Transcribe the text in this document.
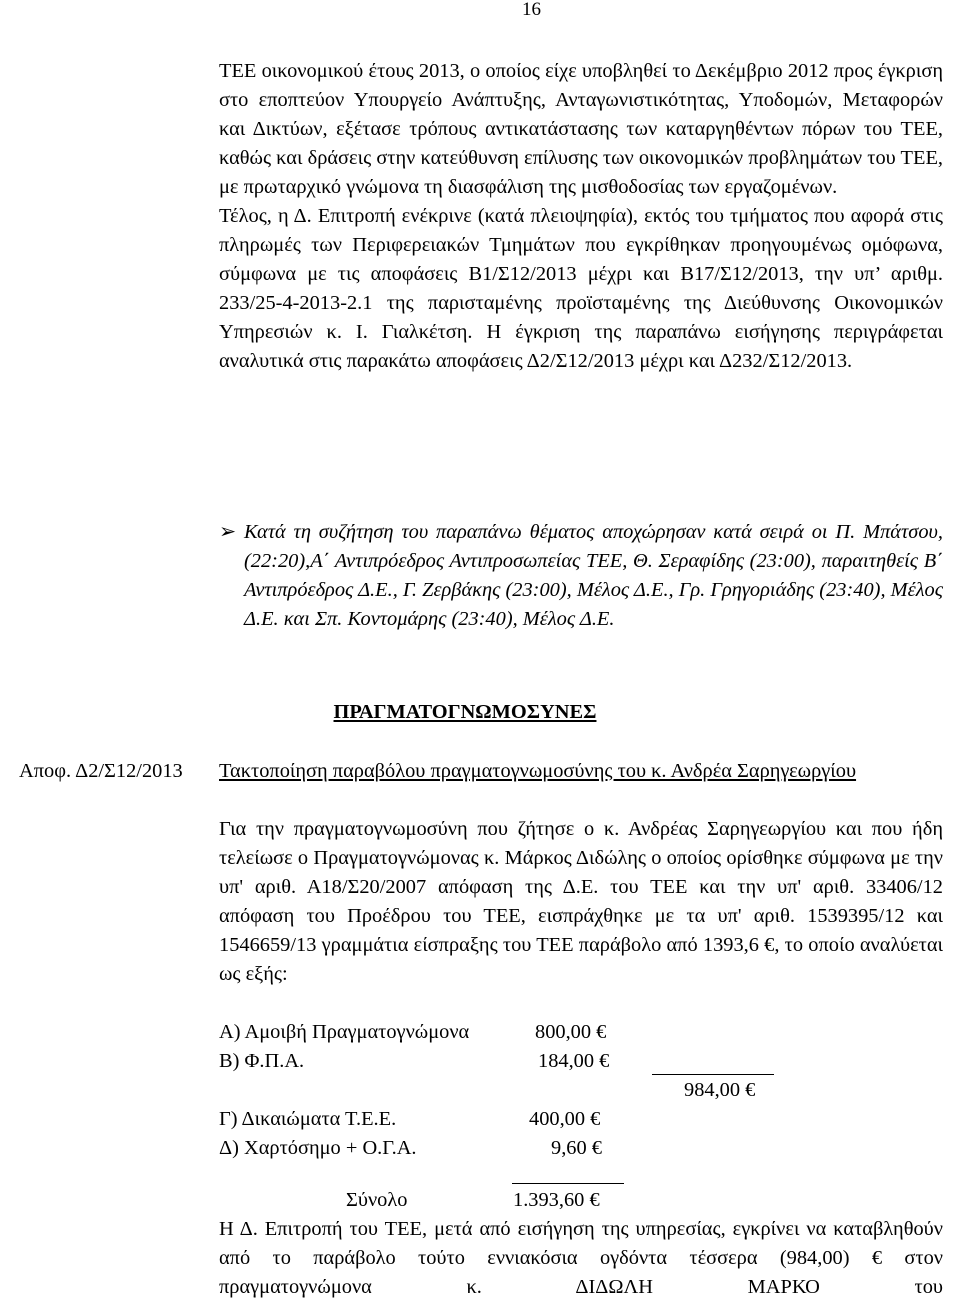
16

ΤΕΕ οικονομικού έτους 2013, ο οποίος είχε υποβληθεί το Δεκέμβριο 2012 προς έγκριση στο εποπτεύον Υπουργείο Ανάπτυξης, Ανταγωνιστικότητας, Υποδομών, Μεταφορών και Δικτύων, εξέτασε τρόπους αντικατάστασης των καταργηθέντων πόρων του ΤΕΕ, καθώς και δράσεις στην κατεύθυνση επίλυσης των οικονομικών προβλημάτων του ΤΕΕ, με πρωταρχικό γνώμονα τη διασφάλιση της μισθοδοσίας των εργαζομένων.

Τέλος, η Δ. Επιτροπή ενέκρινε (κατά πλειοψηφία), εκτός του τμήματος που αφορά στις πληρωμές των Περιφερειακών Τμημάτων που εγκρίθηκαν προηγουμένως ομόφωνα, σύμφωνα με τις αποφάσεις Β1/Σ12/2013 μέχρι και Β17/Σ12/2013, την υπ’ αριθμ. 233/25-4-2013-2.1 της παρισταμένης προϊσταμένης της Διεύθυνσης Οικονομικών Υπηρεσιών κ. Ι. Γιαλκέτση. Η έγκριση της παραπάνω εισήγησης περιγράφεται αναλυτικά στις παρακάτω αποφάσεις Δ2/Σ12/2013 μέχρι και Δ232/Σ12/2013.

➢ Κατά τη συζήτηση του παραπάνω θέματος αποχώρησαν κατά σειρά οι Π. Μπάτσου, (22:20),Α΄ Αντιπρόεδρος Αντιπροσωπείας ΤΕΕ, Θ. Σεραφίδης (23:00), παραιτηθείς Β΄ Αντιπρόεδρος Δ.Ε., Γ. Ζερβάκης (23:00), Μέλος Δ.Ε., Γρ. Γρηγοριάδης (23:40), Μέλος Δ.Ε. και Σπ. Κοντομάρης (23:40), Μέλος Δ.Ε.
ΠΡΑΓΜΑΤΟΓΝΩΜΟΣΥΝΕΣ
Αποφ. Δ2/Σ12/2013 Τακτοποίηση παραβόλου πραγματογνωμοσύνης του κ. Ανδρέα Σαρηγεωργίου
Για την πραγματογνωμοσύνη που ζήτησε ο κ. Ανδρέας Σαρηγεωργίου και που ήδη τελείωσε ο Πραγματογνώμονας κ. Μάρκος Διδώλης ο οποίος ορίσθηκε σύμφωνα με την υπ' αριθ. Α18/Σ20/2007 απόφαση της Δ.Ε. του ΤΕΕ και την υπ' αριθ. 33406/12 απόφαση του Προέδρου του ΤΕΕ, εισπράχθηκε με τα υπ' αριθ. 1539395/12 και 1546659/13 γραμμάτια είσπραξης του ΤΕΕ παράβολο από 1393,6 €, το οποίο αναλύεται ως εξής:
Α) Αμοιβή Πραγματογνώμονα	800,00 €
Β) Φ.Π.Α.	184,00 €
984,00 €
Γ) Δικαιώματα Τ.Ε.Ε.	400,00 €
Δ) Χαρτόσημο + Ο.Γ.Α.	9,60 €
Σύνολο	1.393,60 €
Η Δ. Επιτροπή του ΤΕΕ, μετά από εισήγηση της υπηρεσίας, εγκρίνει να καταβληθούν από το παράβολο τούτο εννιακόσια ογδόντα τέσσερα (984,00) € στον πραγματογνώμονα κ. ΔΙΔΩΛΗ ΜΑΡΚΟ του
